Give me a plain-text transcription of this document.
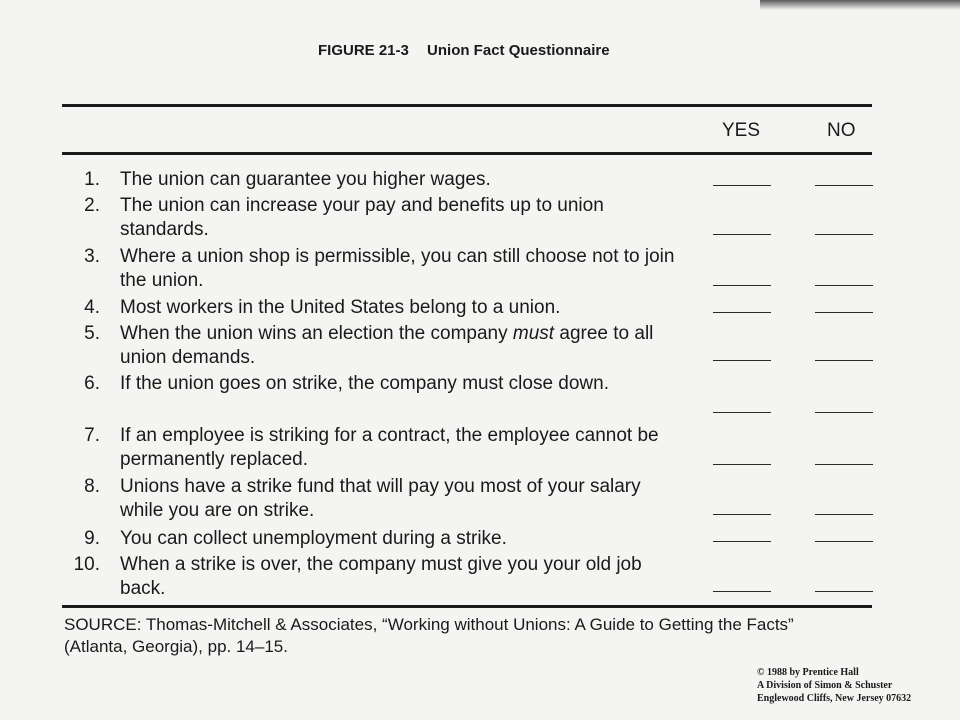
FIGURE 21-3 Union Fact Questionnaire
YES	NO
1. The union can guarantee you higher wages.
2. The union can increase your pay and benefits up to union standards.
3. Where a union shop is permissible, you can still choose not to join the union.
4. Most workers in the United States belong to a union.
5. When the union wins an election the company must agree to all union demands.
6. If the union goes on strike, the company must close down.
7. If an employee is striking for a contract, the employee cannot be permanently replaced.
8. Unions have a strike fund that will pay you most of your salary while you are on strike.
9. You can collect unemployment during a strike.
10. When a strike is over, the company must give you your old job back.
SOURCE: Thomas-Mitchell & Associates, “Working without Unions: A Guide to Getting the Facts”
(Atlanta, Georgia), pp. 14–15.
© 1988 by Prentice Hall
A Division of Simon & Schuster
Englewood Cliffs, New Jersey 07632
